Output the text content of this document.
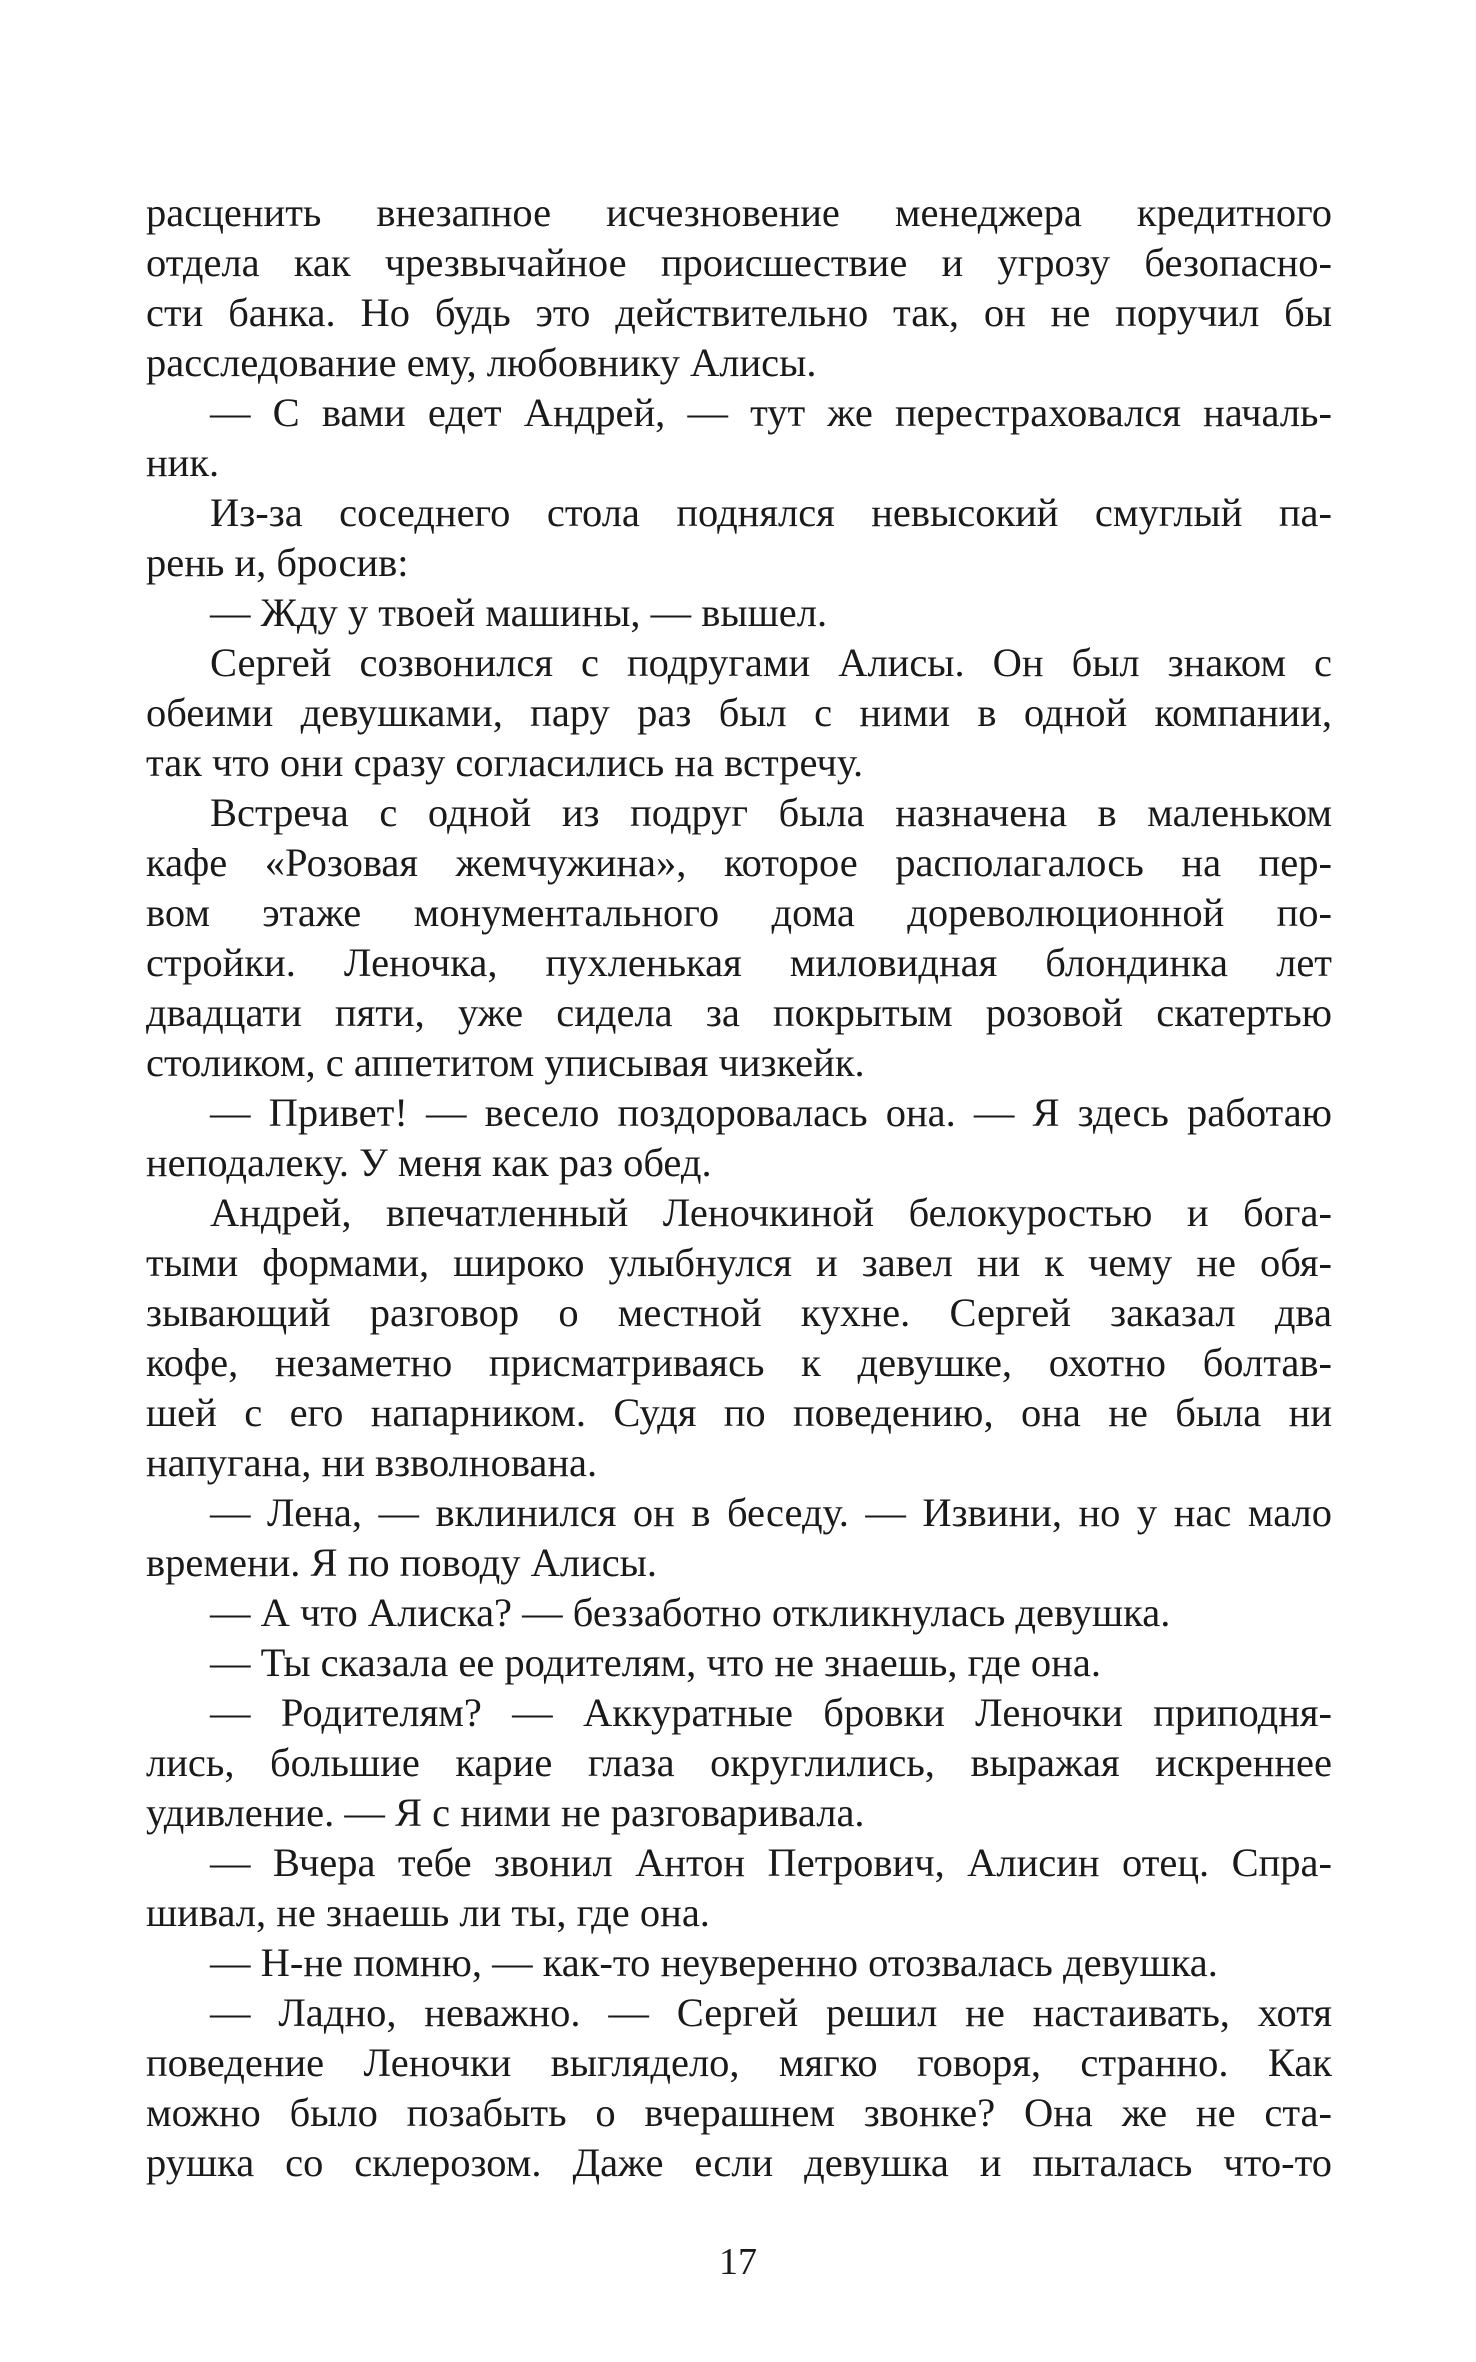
расценить внезапное исчезновение менеджера кредитного
отдела как чрезвычайное происшествие и угрозу безопасно-
сти банка. Но будь это действительно так, он не поручил бы
расследование ему, любовнику Алисы.
— С вами едет Андрей, — тут же перестраховался началь-
ник.
Из-за соседнего стола поднялся невысокий смуглый па-
рень и, бросив:
— Жду у твоей машины, — вышел.
Сергей созвонился с подругами Алисы. Он был знаком с
обеими девушками, пару раз был с ними в одной компании,
так что они сразу согласились на встречу.
Встреча с одной из подруг была назначена в маленьком
кафе «Розовая жемчужина», которое располагалось на пер-
вом этаже монументального дома дореволюционной по-
стройки. Леночка, пухленькая миловидная блондинка лет
двадцати пяти, уже сидела за покрытым розовой скатертью
столиком, с аппетитом уписывая чизкейк.
— Привет! — весело поздоровалась она. — Я здесь работаю
неподалеку. У меня как раз обед.
Андрей, впечатленный Леночкиной белокуростью и бога-
тыми формами, широко улыбнулся и завел ни к чему не обя-
зывающий разговор о местной кухне. Сергей заказал два
кофе, незаметно присматриваясь к девушке, охотно болтав-
шей с его напарником. Судя по поведению, она не была ни
напугана, ни взволнована.
— Лена, — вклинился он в беседу. — Извини, но у нас мало
времени. Я по поводу Алисы.
— А что Алиска? — беззаботно откликнулась девушка.
— Ты сказала ее родителям, что не знаешь, где она.
— Родителям? — Аккуратные бровки Леночки приподня-
лись, большие карие глаза округлились, выражая искреннее
удивление. — Я с ними не разговаривала.
— Вчера тебе звонил Антон Петрович, Алисин отец. Спра-
шивал, не знаешь ли ты, где она.
— Н-не помню, — как-то неуверенно отозвалась девушка.
— Ладно, неважно. — Сергей решил не настаивать, хотя
поведение Леночки выглядело, мягко говоря, странно. Как
можно было позабыть о вчерашнем звонке? Она же не ста-
рушка со склерозом. Даже если девушка и пыталась что-то
17
